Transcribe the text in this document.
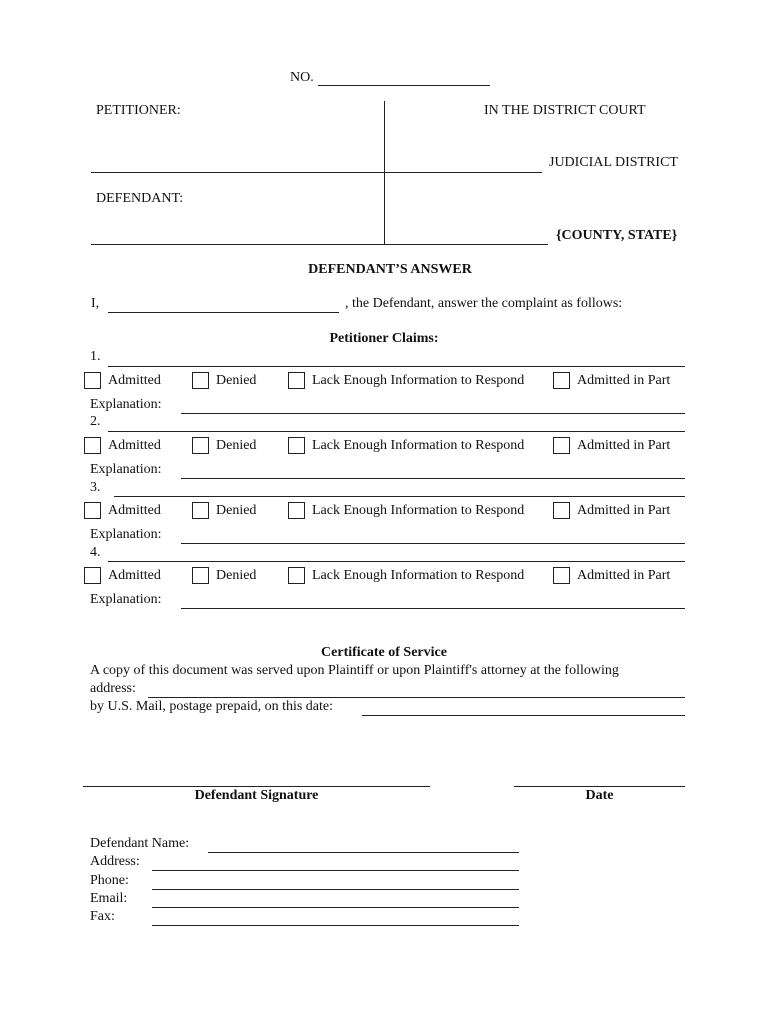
NO.
PETITIONER:	IN THE DISTRICT COURT
JUDICIAL DISTRICT
DEFENDANT:
{COUNTY, STATE}
DEFENDANT’S ANSWER
I,	, the Defendant, answer the complaint as follows:
Petitioner Claims:
1.
Admitted	Denied	Lack Enough Information to Respond	Admitted in Part
Explanation:
2.
Admitted	Denied	Lack Enough Information to Respond	Admitted in Part
Explanation:
3.
Admitted	Denied	Lack Enough Information to Respond	Admitted in Part
Explanation:
4.
Admitted	Denied	Lack Enough Information to Respond	Admitted in Part
Explanation:
Certificate of Service
A copy of this document was served upon Plaintiff or upon Plaintiff's attorney at the following
address:
by U.S. Mail, postage prepaid, on this date:
Defendant Signature	Date
Defendant Name:
Address:
Phone:
Email:
Fax:
